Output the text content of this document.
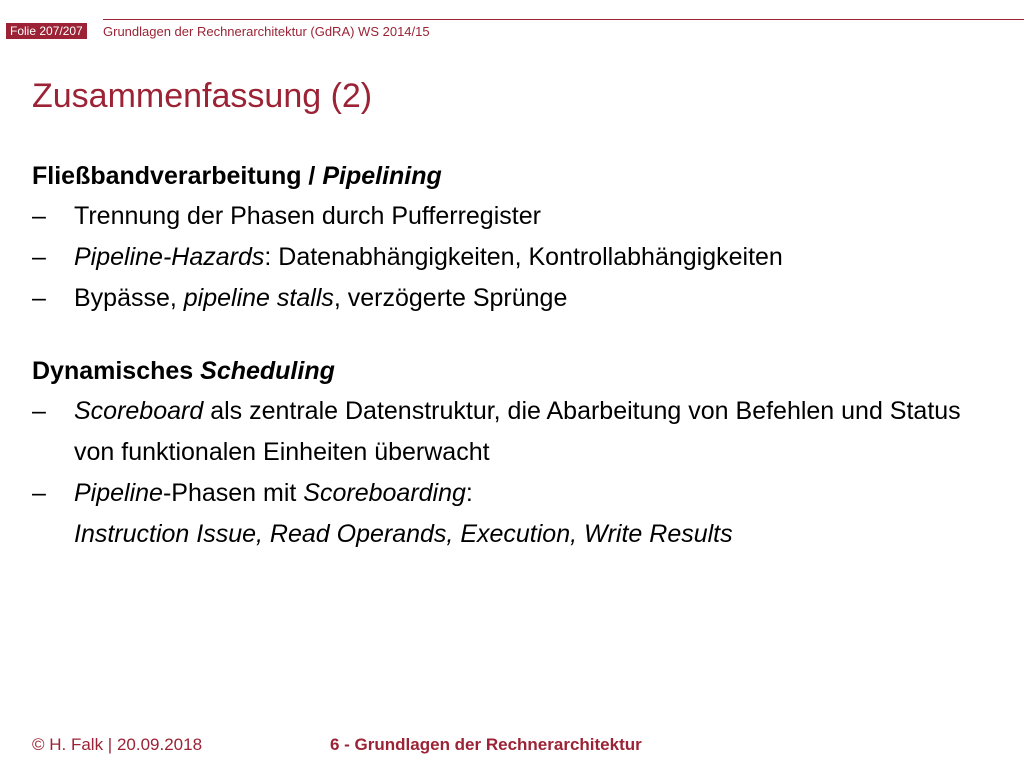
Folie 207/207	Grundlagen der Rechnerarchitektur (GdRA) WS 2014/15
Zusammenfassung (2)
Fließbandverarbeitung / Pipelining
– Trennung der Phasen durch Pufferregister
– Pipeline-Hazards: Datenabhängigkeiten, Kontrollabhängigkeiten
– Bypässe, pipeline stalls, verzögerte Sprünge
Dynamisches Scheduling
– Scoreboard als zentrale Datenstruktur, die Abarbeitung von Befehlen und Status von funktionalen Einheiten überwacht
– Pipeline-Phasen mit Scoreboarding:
Instruction Issue, Read Operands, Execution, Write Results
© H. Falk | 20.09.2018	6 - Grundlagen der Rechnerarchitektur
